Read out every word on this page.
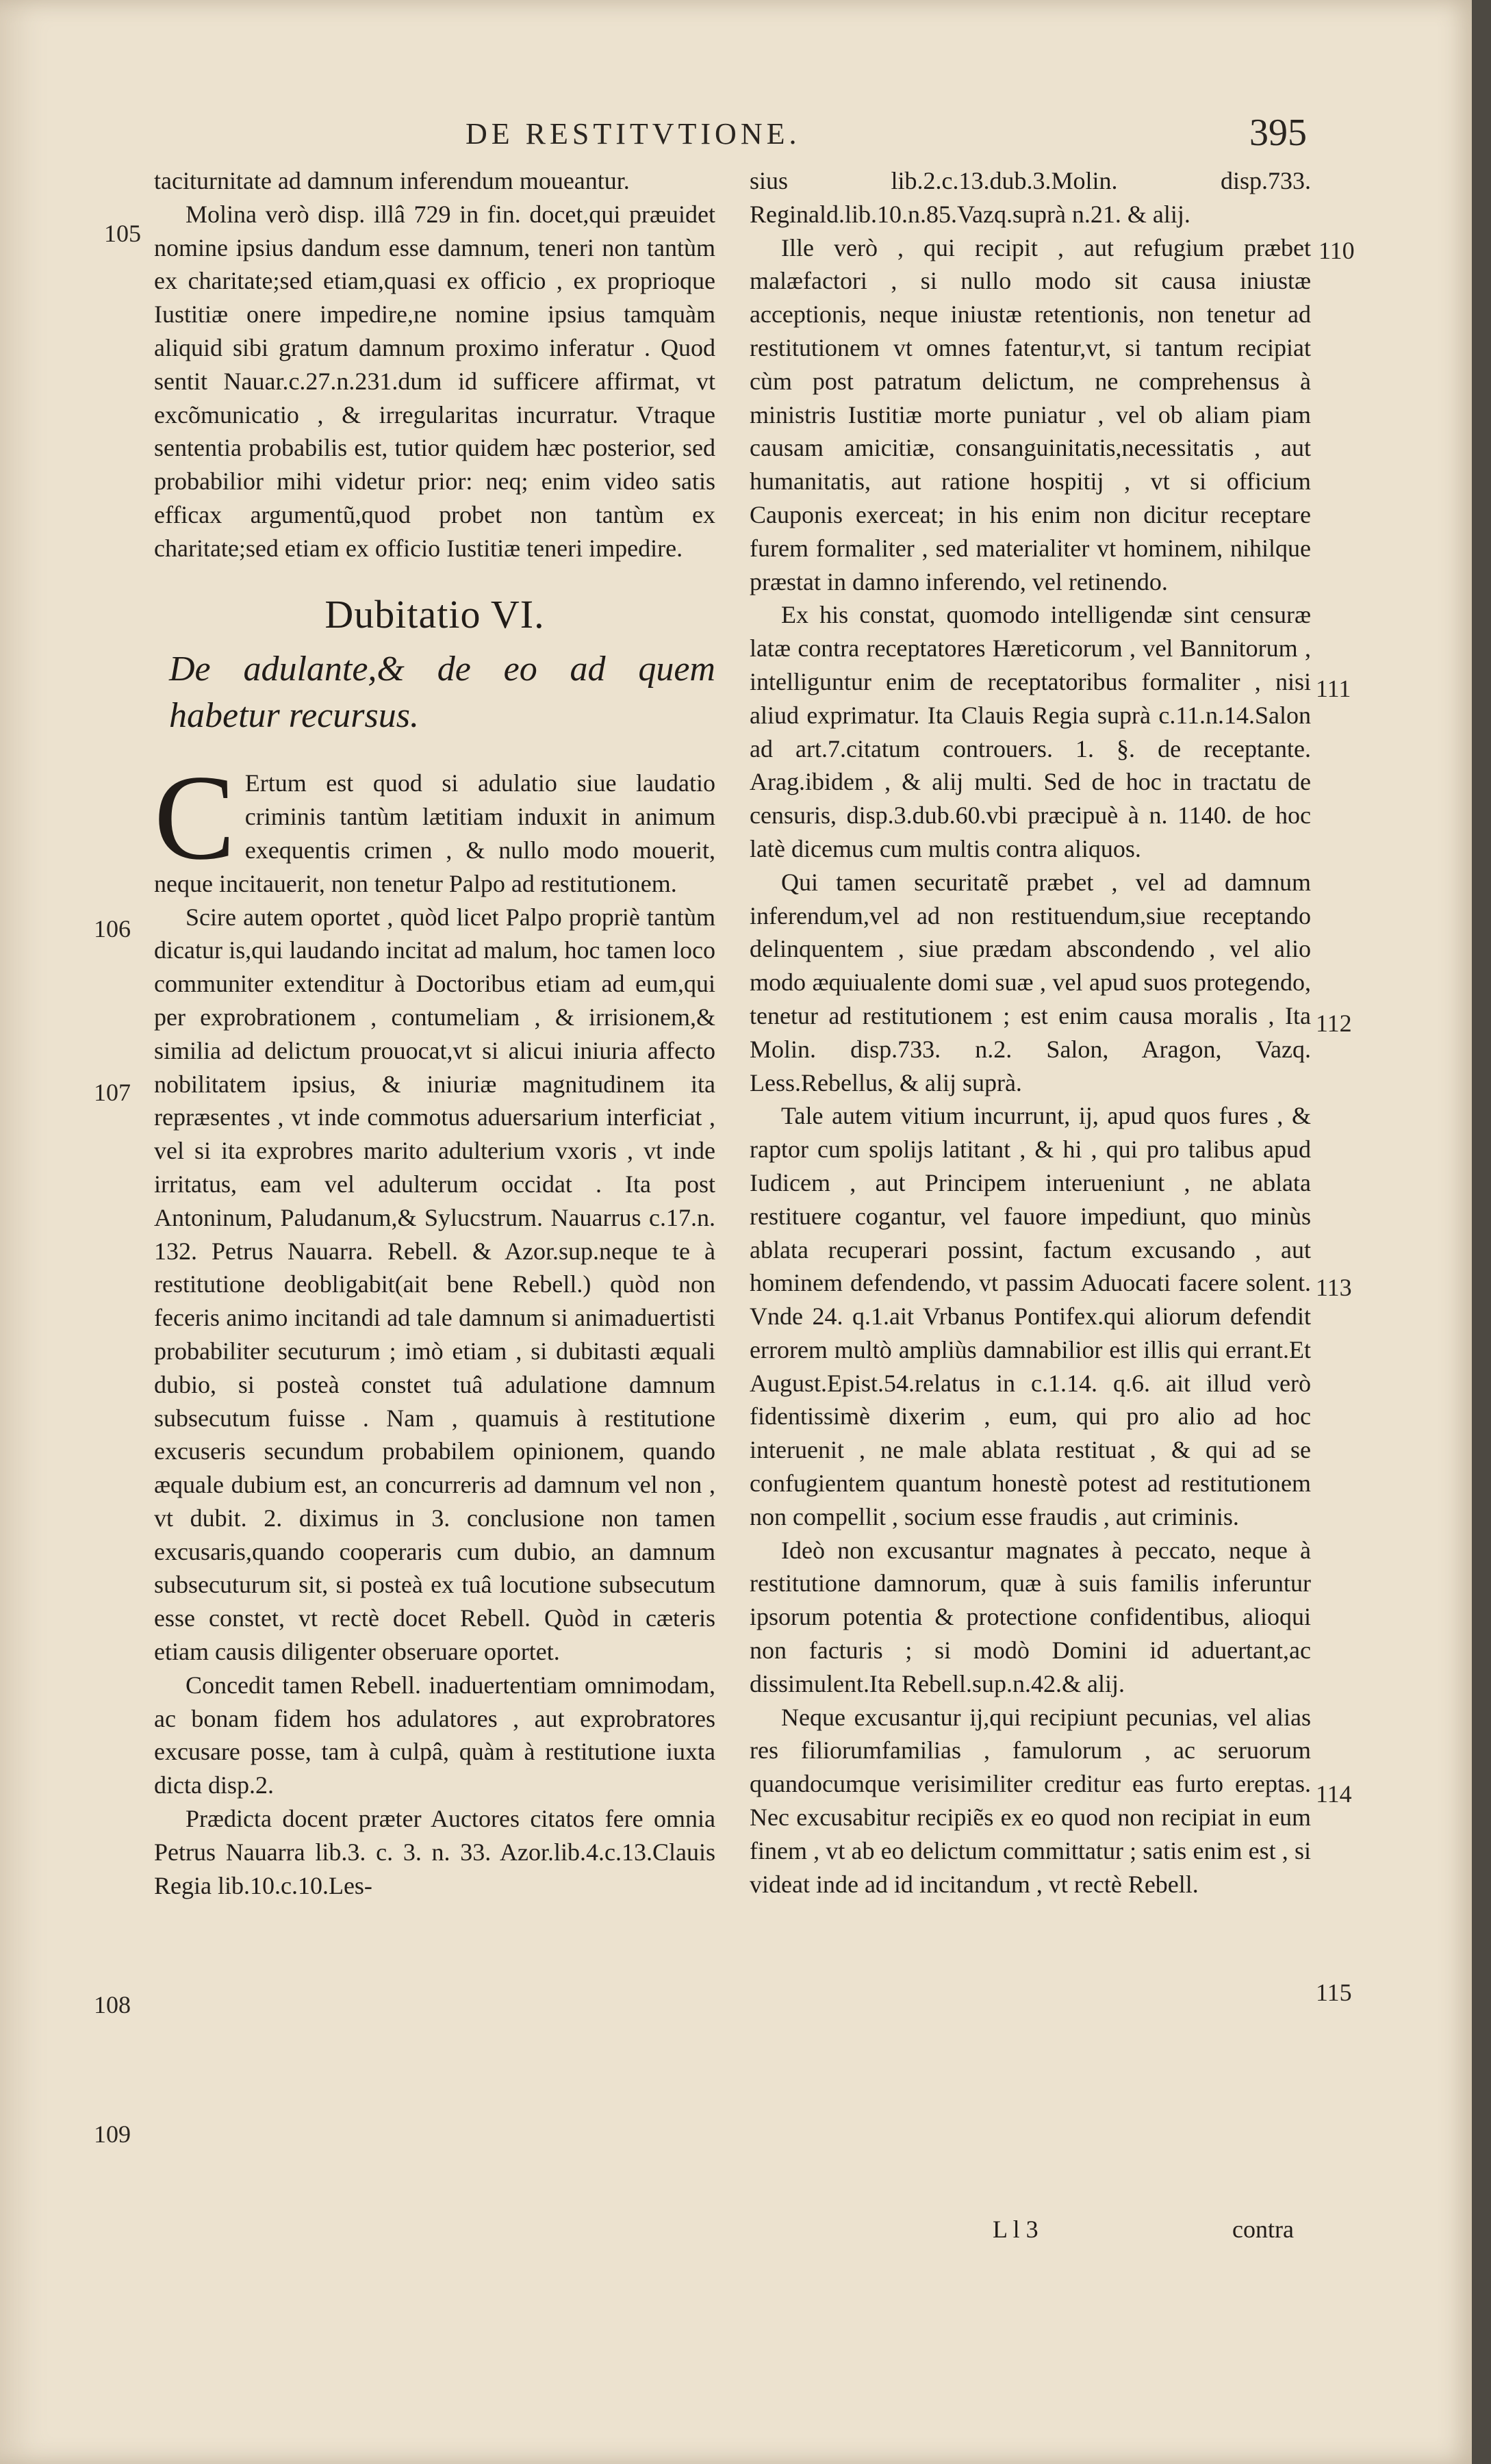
DE RESTITVTIONE.	395

taciturnitate ad damnum inferendum moueantur.

Molina verò disp. illâ 729 in fin. docet,qui præuidet nomine ipsius dandum esse damnum, teneri non tantùm ex charitate;sed etiam,quasi ex officio , ex proprioque Iustitiæ onere impedire,ne nomine ipsius tamquàm aliquid sibi gratum damnum proximo inferatur . Quod sentit Nauar.c.27.n.231.dum id sufficere affirmat, vt excõmunicatio , & irregularitas incurratur. Vtraque sententia probabilis est, tutior quidem hæc posterior, sed probabilior mihi videtur prior: neq; enim video satis efficax argumentũ,quod probet non tantùm ex charitate;sed etiam ex officio Iustitiæ teneri impedire.

Dubitatio VI.
De adulante,& de eo ad quem habetur recursus.

C Ertum est quod si adulatio siue laudatio criminis tantùm lætitiam induxit in animum exequentis crimen , & nullo modo mouerit, neque incitauerit, non tenetur Palpo ad restitutionem.

Scire autem oportet , quòd licet Palpo propriè tantùm dicatur is,qui laudando incitat ad malum, hoc tamen loco communiter extenditur à Doctoribus etiam ad eum,qui per exprobrationem , contumeliam , & irrisionem,& similia ad delictum prouocat,vt si alicui iniuria affecto nobilitatem ipsius, & iniuriæ magnitudinem ita repræsentes , vt inde commotus aduersarium interficiat , vel si ita exprobres marito adulterium vxoris , vt inde irritatus, eam vel adulterum occidat . Ita post Antoninum, Paludanum,& Sylucstrum. Nauarrus c.17.n. 132. Petrus Nauarra. Rebell. & Azor.sup.neque te à restitutione deobligabit(ait bene Rebell.) quòd non feceris animo incitandi ad tale damnum si animaduertisti probabiliter secuturum ; imò etiam , si dubitasti æquali dubio, si posteà constet tuâ adulatione damnum subsecutum fuisse . Nam , quamuis à restitutione excuseris secundum probabilem opinionem, quando æquale dubium est, an concurreris ad damnum vel non , vt dubit. 2. diximus in 3. conclusione non tamen excusaris,quando cooperaris cum dubio, an damnum subsecuturum sit, si posteà ex tuâ locutione subsecutum esse constet, vt rectè docet Rebell. Quòd in cæteris etiam causis diligenter obseruare oportet.

Concedit tamen Rebell. inaduertentiam omnimodam, ac bonam fidem hos adulatores , aut exprobratores excusare posse, tam à culpâ, quàm à restitutione iuxta dicta disp.2.

Prædicta docent præter Auctores citatos fere omnia Petrus Nauarra lib.3. c. 3. n. 33. Azor.lib.4.c.13.Clauis Regia lib.10.c.10.Les-

sius lib.2.c.13.dub.3.Molin. disp.733. Reginald.lib.10.n.85.Vazq.suprà n.21. & alij.

Ille verò , qui recipit , aut refugium præbet malæfactori , si nullo modo sit causa iniustæ acceptionis, neque iniustæ retentionis, non tenetur ad restitutionem vt omnes fatentur,vt, si tantum recipiat cùm post patratum delictum, ne comprehensus à ministris Iustitiæ morte puniatur , vel ob aliam piam causam amicitiæ, consanguinitatis,necessitatis , aut humanitatis, aut ratione hospitij , vt si officium Cauponis exerceat; in his enim non dicitur receptare furem formaliter , sed materialiter vt hominem, nihilque præstat in damno inferendo, vel retinendo.

Ex his constat, quomodo intelligendæ sint censuræ latæ contra receptatores Hæreticorum , vel Bannitorum , intelliguntur enim de receptatoribus formaliter , nisi aliud exprimatur. Ita Clauis Regia suprà c.11.n.14.Salon ad art.7.citatum controuers. 1. §. de receptante. Arag.ibidem , & alij multi. Sed de hoc in tractatu de censuris, disp.3.dub.60.vbi præcipuè à n. 1140. de hoc latè dicemus cum multis contra aliquos.

Qui tamen securitatẽ præbet , vel ad damnum inferendum,vel ad non restituendum,siue receptando delinquentem , siue prædam abscondendo , vel alio modo æquiualente domi suæ , vel apud suos protegendo, tenetur ad restitutionem ; est enim causa moralis , Ita Molin. disp.733. n.2. Salon, Aragon, Vazq. Less.Rebellus, & alij suprà.

Tale autem vitium incurrunt, ij, apud quos fures , & raptor cum spolijs latitant , & hi , qui pro talibus apud Iudicem , aut Principem interueniunt , ne ablata restituere cogantur, vel fauore impediunt, quo minùs ablata recuperari possint, factum excusando , aut hominem defendendo, vt passim Aduocati facere solent. Vnde 24. q.1.ait Vrbanus Pontifex.qui aliorum defendit errorem multò ampliùs damnabilior est illis qui errant.Et August.Epist.54.relatus in c.1.14. q.6. ait illud verò fidentissimè dixerim , eum, qui pro alio ad hoc interuenit , ne male ablata restituat , & qui ad se confugientem quantum honestè potest ad restitutionem non compellit , socium esse fraudis , aut criminis.

Ideò non excusantur magnates à peccato, neque à restitutione damnorum, quæ à suis familis inferuntur ipsorum potentia & protectione confidentibus, alioqui non facturis ; si modò Domini id aduertant,ac dissimulent.Ita Rebell.sup.n.42.& alij.

Neque excusantur ij,qui recipiunt pecunias, vel alias res filiorumfamilias , famulorum , ac seruorum quandocumque verisimiliter creditur eas furto ereptas. Nec excusabitur recipiẽs ex eo quod non recipiat in eum finem , vt ab eo delictum committatur ; satis enim est , si videat inde ad id incitandum , vt rectè Rebell.

105
106
107
108
109
110
111
112
113
114
115
L l 3	contra
